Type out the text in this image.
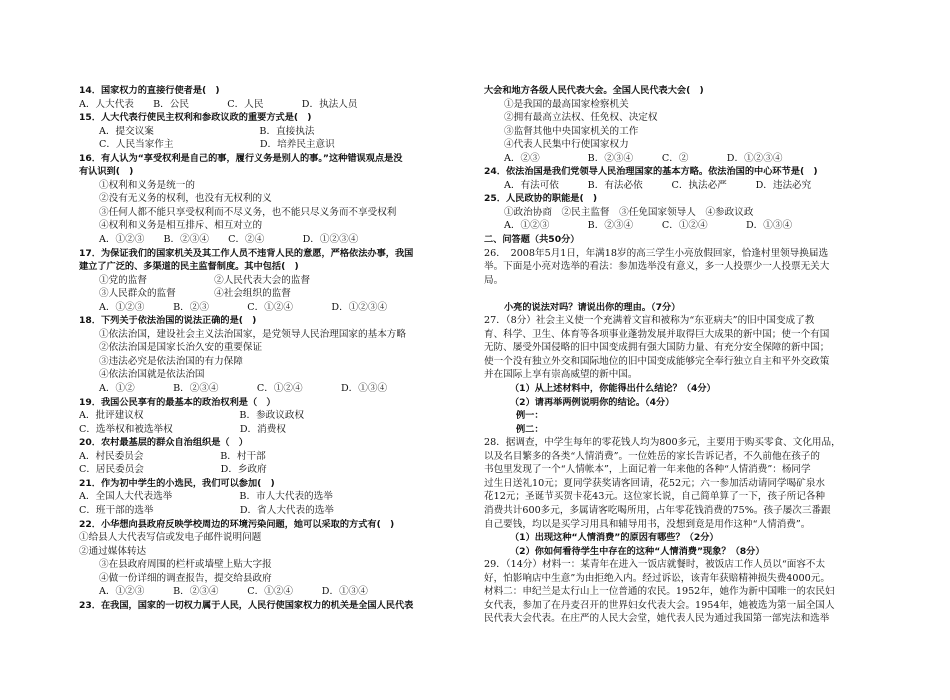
14．国家权力的直接行使者是(　)

A．人大代表　　B．公民　　　　C．人民　　　　D．执法人员

15．人大代表行使民主权利和参政议政的重要方式是(　)

A．提交议案　　　　　　　　　　　B．直接执法

C．人民当家作主　　　　　　　　　D．培养民主意识

16．有人认为“享受权利是自己的事，履行义务是别人的事。”这种错误观点是没

有认识到(　)

①权利和义务是统一的

②没有无义务的权利，也没有无权利的义

③任何人都不能只享受权利而不尽义务，也不能只尽义务而不享受权利

④权利和义务是相互排斥、相互对立的

A．①②③　　B．②③④　　C．②④　　　　D．①②③④

17．为保证我们的国家机关及其工作人员不违背人民的意愿，严格依法办事，我国

建立了广泛的、多渠道的民主监督制度。其中包括(　)

①党的监督　　　　　　　②人民代表大会的监督

③人民群众的监督　　　　④社会组织的监督

A．①②③　　　B．②③　　　　C．①②④　　　　D．①②③④

18．下列关于依法治国的说法正确的是(　)

①依法治国，建设社会主义法治国家，是党领导人民治理国家的基本方略

②依法治国是国家长治久安的重要保证

③违法必究是依法治国的有力保障

④依法治国就是依法治国

A．①②　　　　B．②③④　　　　C．①②④　　　　D．①③④

19．我国公民享有的最基本的政治权利是（　）

A．批评建议权　　　　　　　　　　B．参政议政权

C．选举权和被选举权　　　　　　　D．消费权

20．农村最基层的群众自治组织是（　）

A．村民委员会　　　　　　　　B．村干部

C．居民委员会　　　　　　　　D．乡政府

21．作为初中学生的小选民，我们可以参加(　)

A．全国人大代表选举　　　　　　　B．市人大代表的选举

C．班干部的选举　　　　　　　　　D．省人大代表的选举

22．小华想向县政府反映学校周边的环境污染问题，她可以采取的方式有(　)

①给县人大代表写信或发电子邮件说明问题

②通过媒体转达

③在县政府周围的栏杆或墙壁上贴大字报

④做一份详细的调查报告，提交给县政府

A．①②③　　　B．②③④　　　C．①②④　　　D．①③④

23．在我国，国家的一切权力属于人民，人民行使国家权力的机关是全国人民代表

大会和地方各级人民代表大会。全国人民代表大会(　)

①是我国的最高国家检察机关

②拥有最高立法权、任免权、决定权

③监督其他中央国家机关的工作

④代表人民集中行使国家权力

A．②③　　　　　B．②③④　　　C．②　　　　D．①②③④

24．依法治国是我们党领导人民治理国家的基本方略。依法治国的中心环节是(　)

A．有法可依　　　B．有法必依　　　C．执法必严　　　D．违法必究

25．人民政协的职能是(　)

①政治协商　②民主监督　③任免国家领导人　④参政议政

A．①②③　　　　B．②③④　　　C．①②④　　　　D．①③④

二、问答题（共50分）

26．　2008年5月1日，年满18岁的高三学生小亮放假回家，恰逢村里领导换届选

举。下面是小亮对选举的看法：参加选举没有意义，多一人投票少一人投票无关大

局。

小亮的说法对吗？请说出你的理由。（7分）

27．（8分）社会主义使一个充满着文盲和被称为“东亚病夫”的旧中国变成了教

育、科学、卫生、体育等各项事业蓬勃发展并取得巨大成果的新中国；使一个有国

无防、屡受外国侵略的旧中国变成拥有强大国防力量、有充分安全保障的新中国；

使一个没有独立外交和国际地位的旧中国变成能够完全奉行独立自主和平外交政策

并在国际上享有崇高威望的新中国。

（1）从上述材料中，你能得出什么结论？（4分）

（2）请再举两例说明你的结论。（4分）

例一：

例二：

28．据调查，中学生每年的零花钱人均为800多元，主要用于购买零食、文化用品，

以及名目繁多的各类“人情消费”。一位姓岳的家长告诉记者，不久前他在孩子的

书包里发现了一个“人情帐本”，上面记着一年来他的各种“人情消费”：杨同学

过生日送礼10元；夏同学获奖请客回请，花52元；六一参加活动请同学喝矿泉水

花12元；圣诞节买贺卡花43元。这位家长说，自己简单算了一下，孩子所记各种

消费共计600多元，多属请客吃喝所用，占年零花钱消费的75%。孩子屡次三番跟

自己要钱，均以是买学习用具和辅导用书，没想到竟是用作这种“人情消费”。

（1）出现这种“人情消费”的原因有哪些？（2分）

（2）你如何看待学生中存在的这种“人情消费”现象？（8分）

29．（14分）材料一：某青年在进入一饭店就餐时，被饭店工作人员以“面容不太

好，怕影响店中生意”为由拒绝入内。经过诉讼，该青年获赔精神损失费4000元。

材料二：申纪兰是太行山上一位普通的农民。1952年，她作为新中国唯一的农民妇

女代表，参加了在丹麦召开的世界妇女代表大会。1954年，她被选为第一届全国人

民代表大会代表。在庄严的人民大会堂，她代表人民为通过我国第一部宪法和选举
